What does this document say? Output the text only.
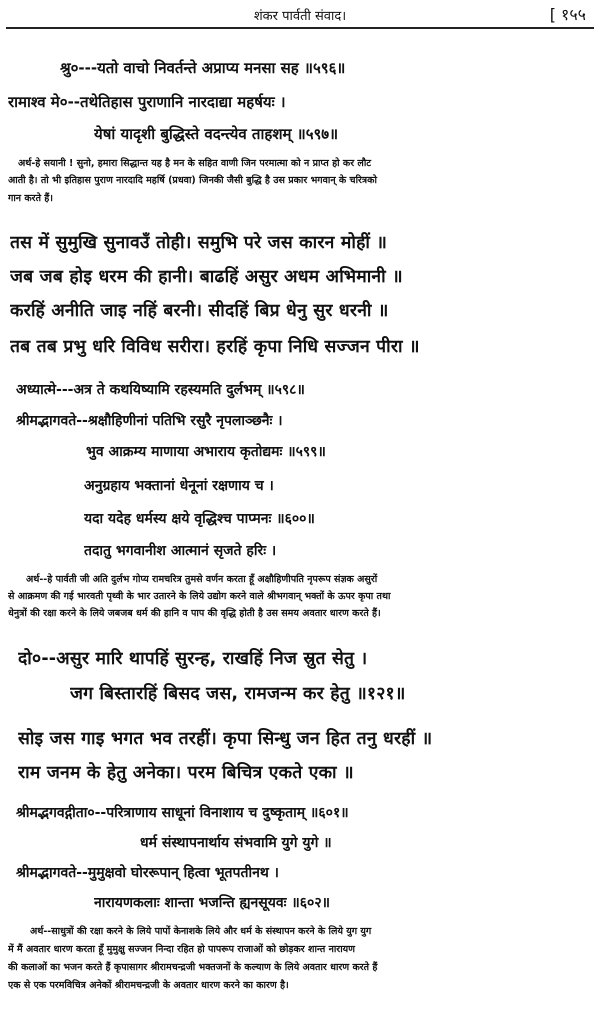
शंकर पार्वती संवाद।	[ १५५
श्रु०---यतो वाचो निवर्तन्ते अप्राप्य मनसा सह ॥५९६॥
रामाश्व मे०--तथेतिहास पुराणानि नारदाद्या महर्षयः ।
येषां यादृशी बुद्धिस्ते वदन्त्येव ताहशम् ॥५९७॥
अर्थ-हे सयानी ! सुनो, हमारा सिद्धान्त यह है मन के सहित वाणी जिन परमात्मा को न प्राप्त हो कर लौट
आती है। तो भी इतिहास पुराण नारदादि महर्षि (प्रधवा) जिनकी जैसी बुद्धि है उस प्रकार भगवान् के चरित्रको
गान करते हैं।
तस में सुमुखि सुनावउँ तोही। समुभि परे जस कारन मोहीं ॥
जब जब होइ धरम की हानी। बाढहिं असुर अधम अभिमानी ॥
करहिं अनीति जाइ नहिं बरनी। सीदहिं बिप्र धेनु सुर धरनी ॥
तब तब प्रभु धरि विविध सरीरा। हरहिं कृपा निधि सज्जन पीरा ॥
अध्यात्मे---अत्र ते कथयिष्यामि रहस्यमति दुर्लभम् ॥५९८॥
श्रीमद्भागवते--श्रक्षौहिणीनां पतिभि रसुरै नृपलाञ्छनैः ।
भुव आक्रम्य माणाया अभाराय कृतोद्यमः ॥५९९॥
अनुग्रहाय भक्तानां धेनूनां रक्षणाय च ।
यदा यदेह धर्मस्य क्षये वृद्धिश्च पाप्मनः ॥६००॥
तदातु भगवानीश आत्मानं सृजते हरिः ।
अर्थ--हे पार्वती जी अति दुर्लभ गोप्य रामचरित्र तुमसे वर्णन करता हूँ अक्षौहिणीपति नृपरूप संज्ञक असुरों
से आक्रमण की गई भारवती पृथ्वी के भार उतारने के लिये उद्योग करने वाले श्रीभगवान् भक्तों के ऊपर कृपा तथा
धेनुत्रों की रक्षा करने के लिये जबजब धर्म की हानि व पाप की वृद्धि होती है उस समय अवतार धारण करते हैं।
दो०--असुर मारि थापहिं सुरन्ह, राखहिं निज स्रुत सेतु ।
जग बिस्तारहिं बिसद जस, रामजन्म कर हेतु ॥१२१॥
सोइ जस गाइ भगत भव तरहीं। कृपा सिन्धु जन हित तनु धरहीं ॥
राम जनम के हेतु अनेका। परम बिचित्र एकते एका ॥
श्रीमद्भगवद्गीता०--परित्राणाय साधूनां विनाशाय च दुष्कृताम् ॥६०१॥
धर्म संस्थापनार्थाय संभवामि युगे युगे ॥
श्रीमद्भागवते--मुमुक्षवो घोररूपान् हित्वा भूतपतीनथ ।
नारायणकलाः शान्ता भजन्ति ह्यनसूयवः ॥६०२॥
अर्थ--साधुत्रों की रक्षा करने के लिये पापों केनाशके लिये और धर्म के संस्थापन करने के लिये युग युग
में मैं अवतार धारण करता हूँ मुमुक्षु सज्जन निन्दा रहित हो पापरूप राजाओं को छोड़कर शान्त नारायण
की कलाओं का भजन करते हैं कृपासागर श्रीरामचन्द्रजी भक्तजनों के कल्याण के लिये अवतार धारण करते हैं
एक से एक परमविचित्र अनेकों श्रीरामचन्द्रजी के अवतार धारण करने का कारण है।
